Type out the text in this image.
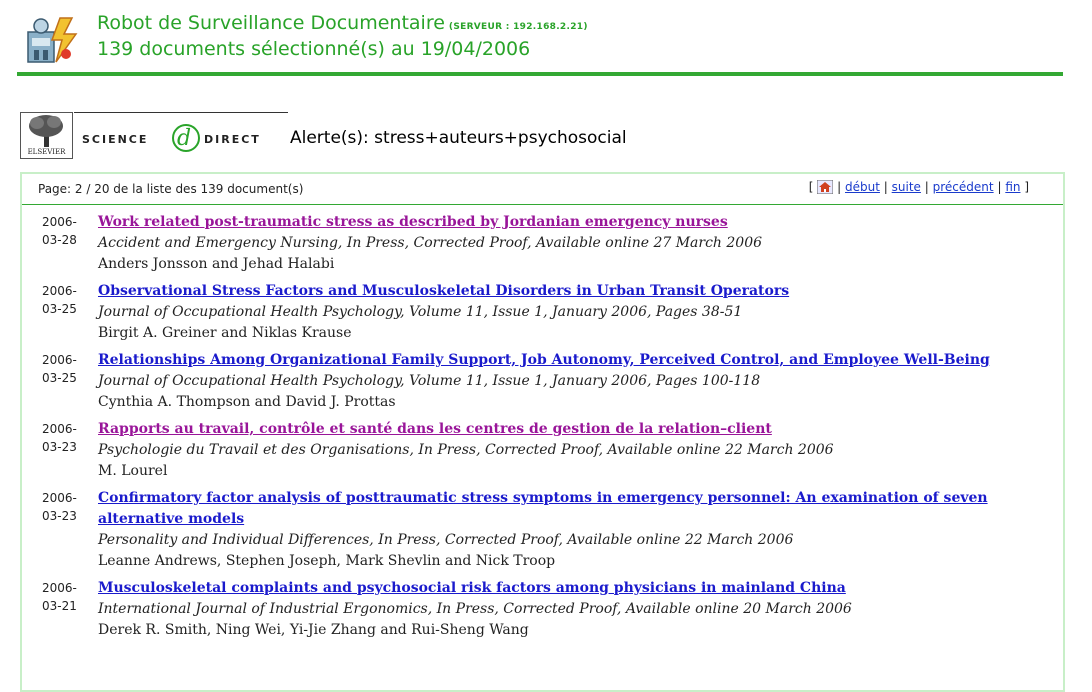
Robot de Surveillance Documentaire (SERVEUR : 192.168.2.21)
139 documents sélectionné(s) au 19/04/2006
ELSEVIER
SCIENCE d DIRECT Alerte(s): stress+auteurs+psychosocial
Page: 2 / 20 de la liste des 139 document(s)	[ | début | suite | précédent | fin ]
2006-
03-28
Work related post-traumatic stress as described by Jordanian emergency nurses
Accident and Emergency Nursing, In Press, Corrected Proof, Available online 27 March 2006
Anders Jonsson and Jehad Halabi
2006-
03-25
Observational Stress Factors and Musculoskeletal Disorders in Urban Transit Operators
Journal of Occupational Health Psychology, Volume 11, Issue 1, January 2006, Pages 38-51
Birgit A. Greiner and Niklas Krause
2006-
03-25
Relationships Among Organizational Family Support, Job Autonomy, Perceived Control, and Employee Well-Being
Journal of Occupational Health Psychology, Volume 11, Issue 1, January 2006, Pages 100-118
Cynthia A. Thompson and David J. Prottas
2006-
03-23
Rapports au travail, contrôle et santé dans les centres de gestion de la relation–client
Psychologie du Travail et des Organisations, In Press, Corrected Proof, Available online 22 March 2006
M. Lourel
2006-
03-23
Confirmatory factor analysis of posttraumatic stress symptoms in emergency personnel: An examination of seven alternative models
Personality and Individual Differences, In Press, Corrected Proof, Available online 22 March 2006
Leanne Andrews, Stephen Joseph, Mark Shevlin and Nick Troop
2006-
03-21
Musculoskeletal complaints and psychosocial risk factors among physicians in mainland China
International Journal of Industrial Ergonomics, In Press, Corrected Proof, Available online 20 March 2006
Derek R. Smith, Ning Wei, Yi-Jie Zhang and Rui-Sheng Wang
